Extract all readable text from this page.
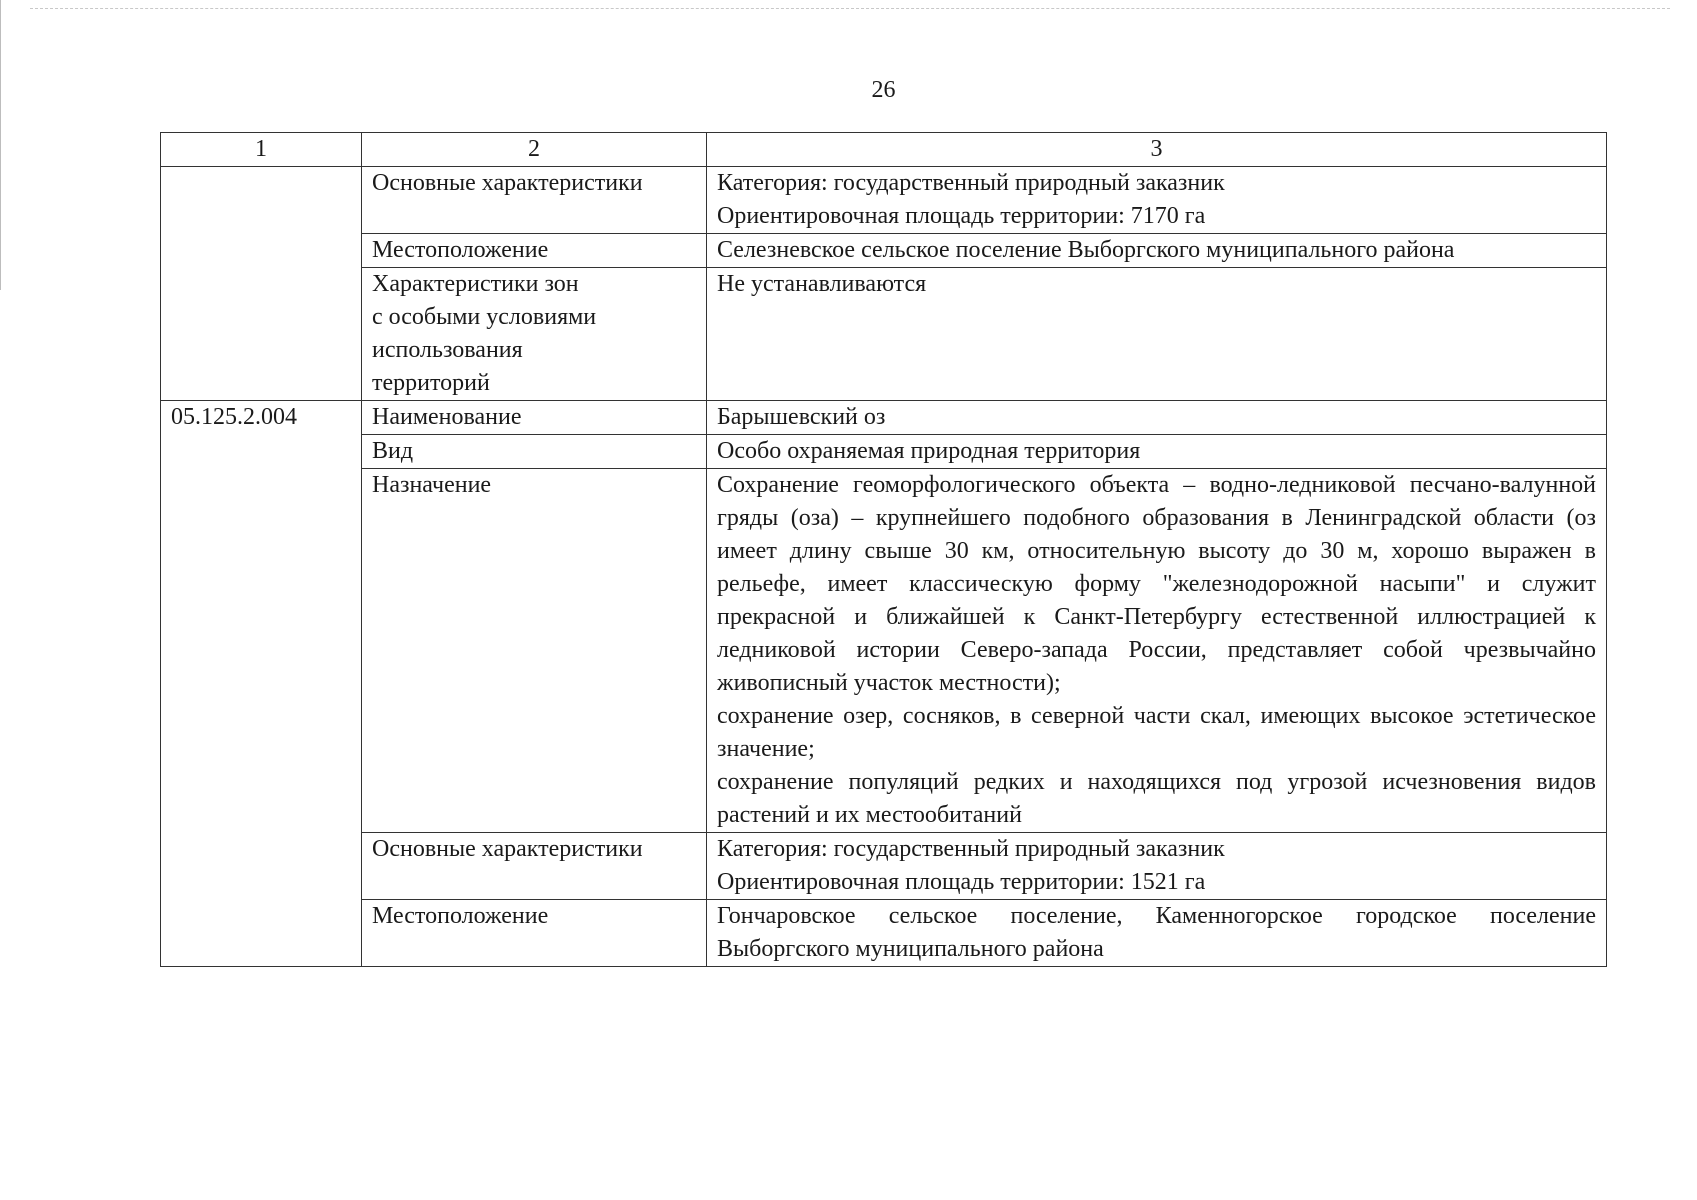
26
1	2	3
	Основные характеристики	Категория: государственный природный заказник
Ориентировочная площадь территории: 7170 га

	Местоположение	Селезневское сельское поселение Выборгского муниципального района

	Характеристики зон
с особыми условиями
использования
территорий	Не устанавливаются

05.125.2.004	Наименование	Барышевский оз

	Вид	Особо охраняемая природная территория

	Назначение	Сохранение геоморфологического объекта – водно-ледниковой песчано-валунной гряды (оза) – крупнейшего подобного образования в Ленинградской области (оз имеет длину свыше 30 км, относительную высоту до 30 м, хорошо выражен в рельефе, имеет классическую форму "железнодорожной насыпи" и служит прекрасной и ближайшей к Санкт-Петербургу естественной иллюстрацией к ледниковой истории Северо-запада России, представляет собой чрезвычайно живописный участок местности);
сохранение озер, сосняков, в северной части скал, имеющих высокое эстетическое значение;
сохранение популяций редких и находящихся под угрозой исчезновения видов растений и их местообитаний

	Основные характеристики	Категория: государственный природный заказник
Ориентировочная площадь территории: 1521 га

	Местоположение	Гончаровское сельское поселение, Каменногорское городское поселение Выборгского муниципального района
